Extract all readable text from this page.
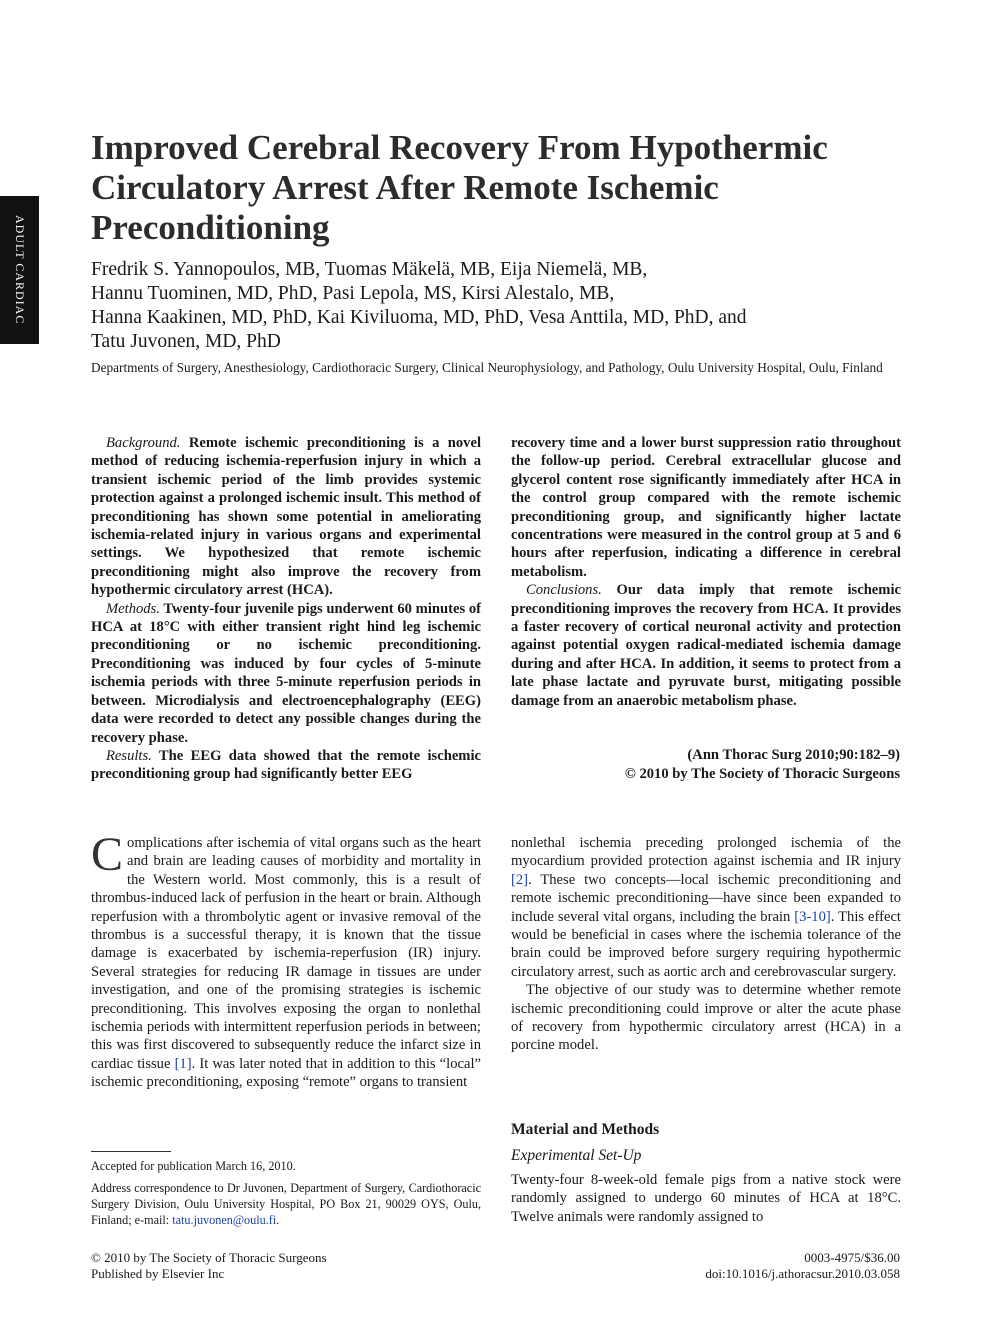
ADULT CARDIAC
Improved Cerebral Recovery From Hypothermic
Circulatory Arrest After Remote Ischemic
Preconditioning
Fredrik S. Yannopoulos, MB, Tuomas Mäkelä, MB, Eija Niemelä, MB,
Hannu Tuominen, MD, PhD, Pasi Lepola, MS, Kirsi Alestalo, MB,
Hanna Kaakinen, MD, PhD, Kai Kiviluoma, MD, PhD, Vesa Anttila, MD, PhD, and
Tatu Juvonen, MD, PhD
Departments of Surgery, Anesthesiology, Cardiothoracic Surgery, Clinical Neurophysiology, and Pathology, Oulu University Hospital, Oulu, Finland

Background. Remote ischemic preconditioning is a novel method of reducing ischemia-reperfusion injury in which a transient ischemic period of the limb provides systemic protection against a prolonged ischemic insult. This method of preconditioning has shown some potential in ameliorating ischemia-related injury in various organs and experimental settings. We hypothesized that remote ischemic preconditioning might also improve the recovery from hypothermic circulatory arrest (HCA).

Methods. Twenty-four juvenile pigs underwent 60 minutes of HCA at 18°C with either transient right hind leg ischemic preconditioning or no ischemic preconditioning. Preconditioning was induced by four cycles of 5-minute ischemia periods with three 5-minute reperfusion periods in between. Microdialysis and electroencephalography (EEG) data were recorded to detect any possible changes during the recovery phase.

Results. The EEG data showed that the remote ischemic preconditioning group had significantly better EEG

recovery time and a lower burst suppression ratio throughout the follow-up period. Cerebral extracellular glucose and glycerol content rose significantly immediately after HCA in the control group compared with the remote ischemic preconditioning group, and significantly higher lactate concentrations were measured in the control group at 5 and 6 hours after reperfusion, indicating a difference in cerebral metabolism.

Conclusions. Our data imply that remote ischemic preconditioning improves the recovery from HCA. It provides a faster recovery of cortical neuronal activity and protection against potential oxygen radical-mediated ischemia damage during and after HCA. In addition, it seems to protect from a late phase lactate and pyruvate burst, mitigating possible damage from an anaerobic metabolism phase.

(Ann Thorac Surg 2010;90:182–9)
© 2010 by The Society of Thoracic Surgeons

Complications after ischemia of vital organs such as the heart and brain are leading causes of morbidity and mortality in the Western world. Most commonly, this is a result of thrombus-induced lack of perfusion in the heart or brain. Although reperfusion with a thrombolytic agent or invasive removal of the thrombus is a successful therapy, it is known that the tissue damage is exacerbated by ischemia-reperfusion (IR) injury. Several strategies for reducing IR damage in tissues are under investigation, and one of the promising strategies is ischemic preconditioning. This involves exposing the organ to nonlethal ischemia periods with intermittent reperfusion periods in between; this was first discovered to subsequently reduce the infarct size in cardiac tissue [1]. It was later noted that in addition to this “local” ischemic preconditioning, exposing “remote” organs to transient

nonlethal ischemia preceding prolonged ischemia of the myocardium provided protection against ischemia and IR injury [2]. These two concepts—local ischemic preconditioning and remote ischemic preconditioning—have since been expanded to include several vital organs, including the brain [3-10]. This effect would be beneficial in cases where the ischemia tolerance of the brain could be improved before surgery requiring hypothermic circulatory arrest, such as aortic arch and cerebrovascular surgery.

The objective of our study was to determine whether remote ischemic preconditioning could improve or alter the acute phase of recovery from hypothermic circulatory arrest (HCA) in a porcine model.

Material and Methods
Experimental Set-Up

Twenty-four 8-week-old female pigs from a native stock were randomly assigned to undergo 60 minutes of HCA at 18°C. Twelve animals were randomly assigned to

Accepted for publication March 16, 2010.
Address correspondence to Dr Juvonen, Department of Surgery, Cardiothoracic Surgery Division, Oulu University Hospital, PO Box 21, 90029 OYS, Oulu, Finland; e-mail: tatu.juvonen@oulu.fi.
© 2010 by The Society of Thoracic Surgeons
Published by Elsevier Inc
0003-4975/$36.00
doi:10.1016/j.athoracsur.2010.03.058
